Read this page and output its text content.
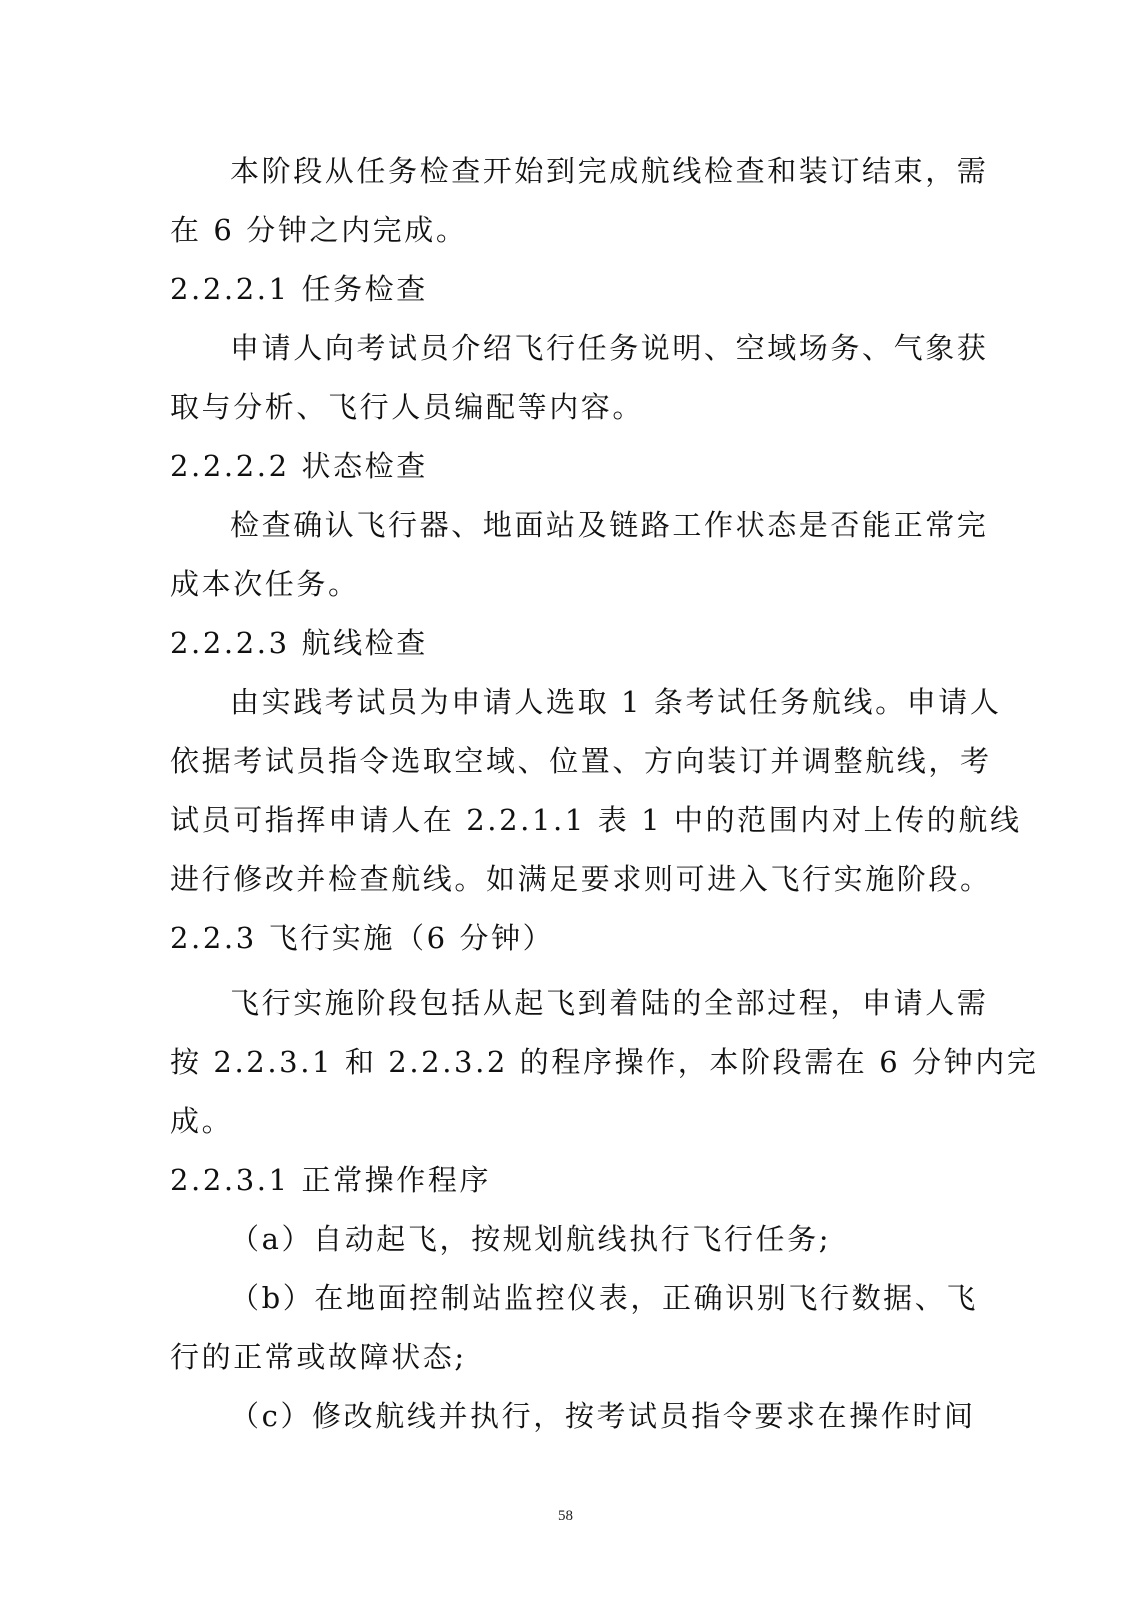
本阶段从任务检查开始到完成航线检查和装订结束，需
在 6 分钟之内完成。
2.2.2.1 任务检查
申请人向考试员介绍飞行任务说明、空域场务、气象获
取与分析、飞行人员编配等内容。
2.2.2.2 状态检查
检查确认飞行器、地面站及链路工作状态是否能正常完
成本次任务。
2.2.2.3 航线检查
由实践考试员为申请人选取 1 条考试任务航线。申请人
依据考试员指令选取空域、位置、方向装订并调整航线，考
试员可指挥申请人在 2.2.1.1 表 1 中的范围内对上传的航线
进行修改并检查航线。如满足要求则可进入飞行实施阶段。
2.2.3 飞行实施（6 分钟）
飞行实施阶段包括从起飞到着陆的全部过程，申请人需
按 2.2.3.1 和 2.2.3.2 的程序操作，本阶段需在 6 分钟内完
成。
2.2.3.1 正常操作程序
（a）自动起飞，按规划航线执行飞行任务;
（b）在地面控制站监控仪表，正确识别飞行数据、飞
行的正常或故障状态;
（c）修改航线并执行，按考试员指令要求在操作时间
58
